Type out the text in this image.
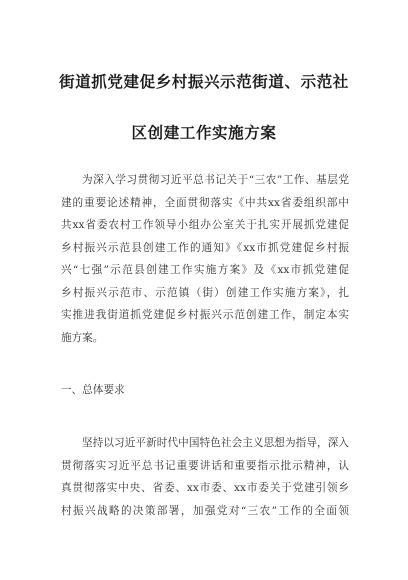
街道抓党建促乡村振兴示范街道、示范社
区创建工作实施方案
为深入学习贯彻习近平总书记关于“三农”工作、基层党
建的重要论述精神，全面贯彻落实《中共xx省委组织部中
共xx省委农村工作领导小组办公室关于扎实开展抓党建促
乡村振兴示范县创建工作的通知》《xx市抓党建促乡村振
兴“七强”示范县创建工作实施方案》及《xx市抓党建促
乡村振兴示范市、示范镇（街）创建工作实施方案》，扎
实推进我街道抓党建促乡村振兴示范创建工作，制定本实
施方案。
一、总体要求
坚持以习近平新时代中国特色社会主义思想为指导，深入
贯彻落实习近平总书记重要讲话和重要指示批示精神，认
真贯彻落实中央、省委、xx市委、xx市委关于党建引领乡
村振兴战略的决策部署，加强党对“三农”工作的全面领
